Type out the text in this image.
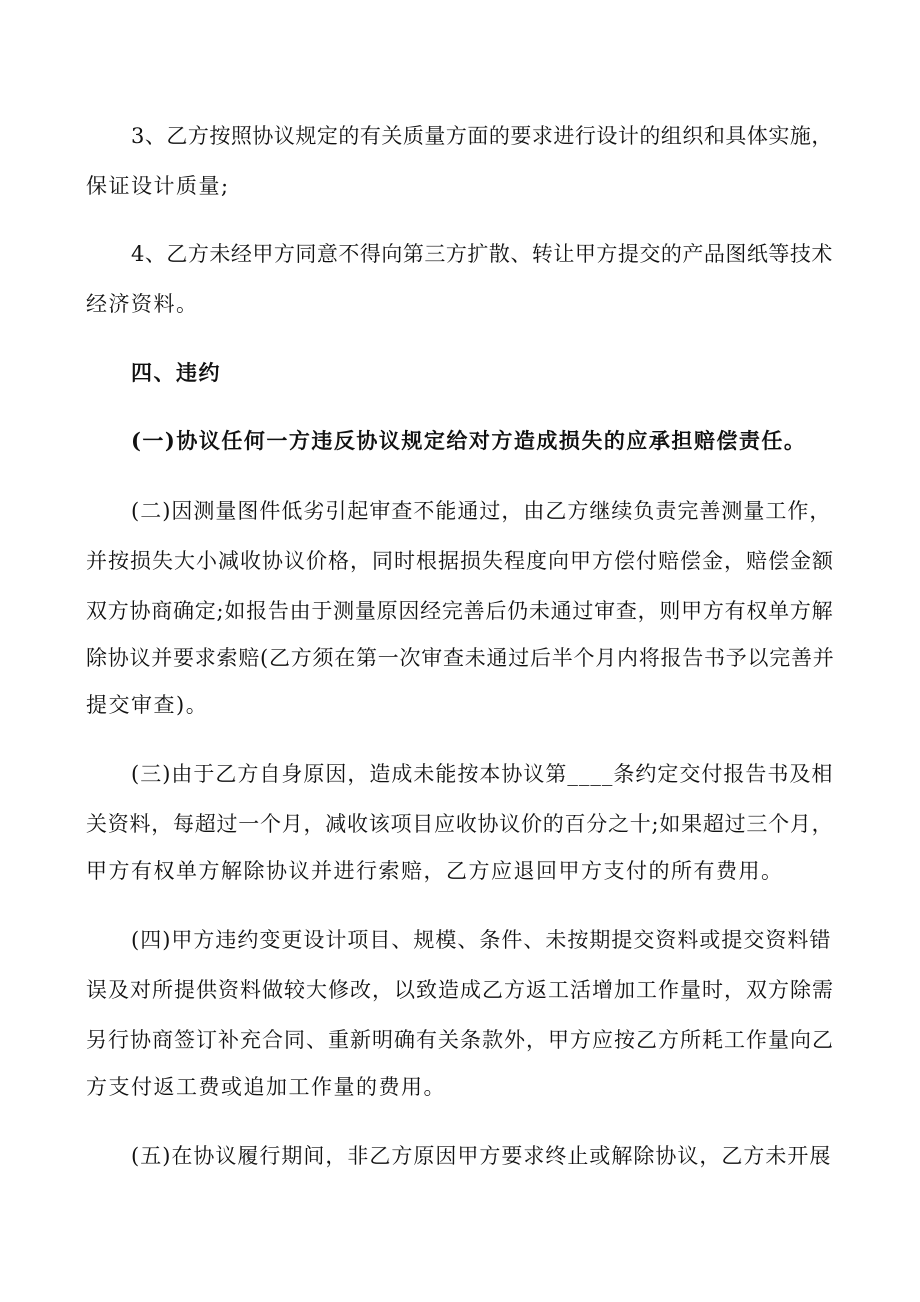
3、乙方按照协议规定的有关质量方面的要求进行设计的组织和具体实施，
保证设计质量;
4、乙方未经甲方同意不得向第三方扩散、转让甲方提交的产品图纸等技术
经济资料。
四、违约
(一)协议任何一方违反协议规定给对方造成损失的应承担赔偿责任。
(二)因测量图件低劣引起审查不能通过，由乙方继续负责完善测量工作，
并按损失大小减收协议价格，同时根据损失程度向甲方偿付赔偿金，赔偿金额
双方协商确定;如报告由于测量原因经完善后仍未通过审查，则甲方有权单方解
除协议并要求索赔(乙方须在第一次审查未通过后半个月内将报告书予以完善并
提交审查)。
(三)由于乙方自身原因，造成未能按本协议第____条约定交付报告书及相
关资料，每超过一个月，减收该项目应收协议价的百分之十;如果超过三个月，
甲方有权单方解除协议并进行索赔，乙方应退回甲方支付的所有费用。
(四)甲方违约变更设计项目、规模、条件、未按期提交资料或提交资料错
误及对所提供资料做较大修改，以致造成乙方返工活增加工作量时，双方除需
另行协商签订补充合同、重新明确有关条款外，甲方应按乙方所耗工作量向乙
方支付返工费或追加工作量的费用。
(五)在协议履行期间，非乙方原因甲方要求终止或解除协议，乙方未开展
